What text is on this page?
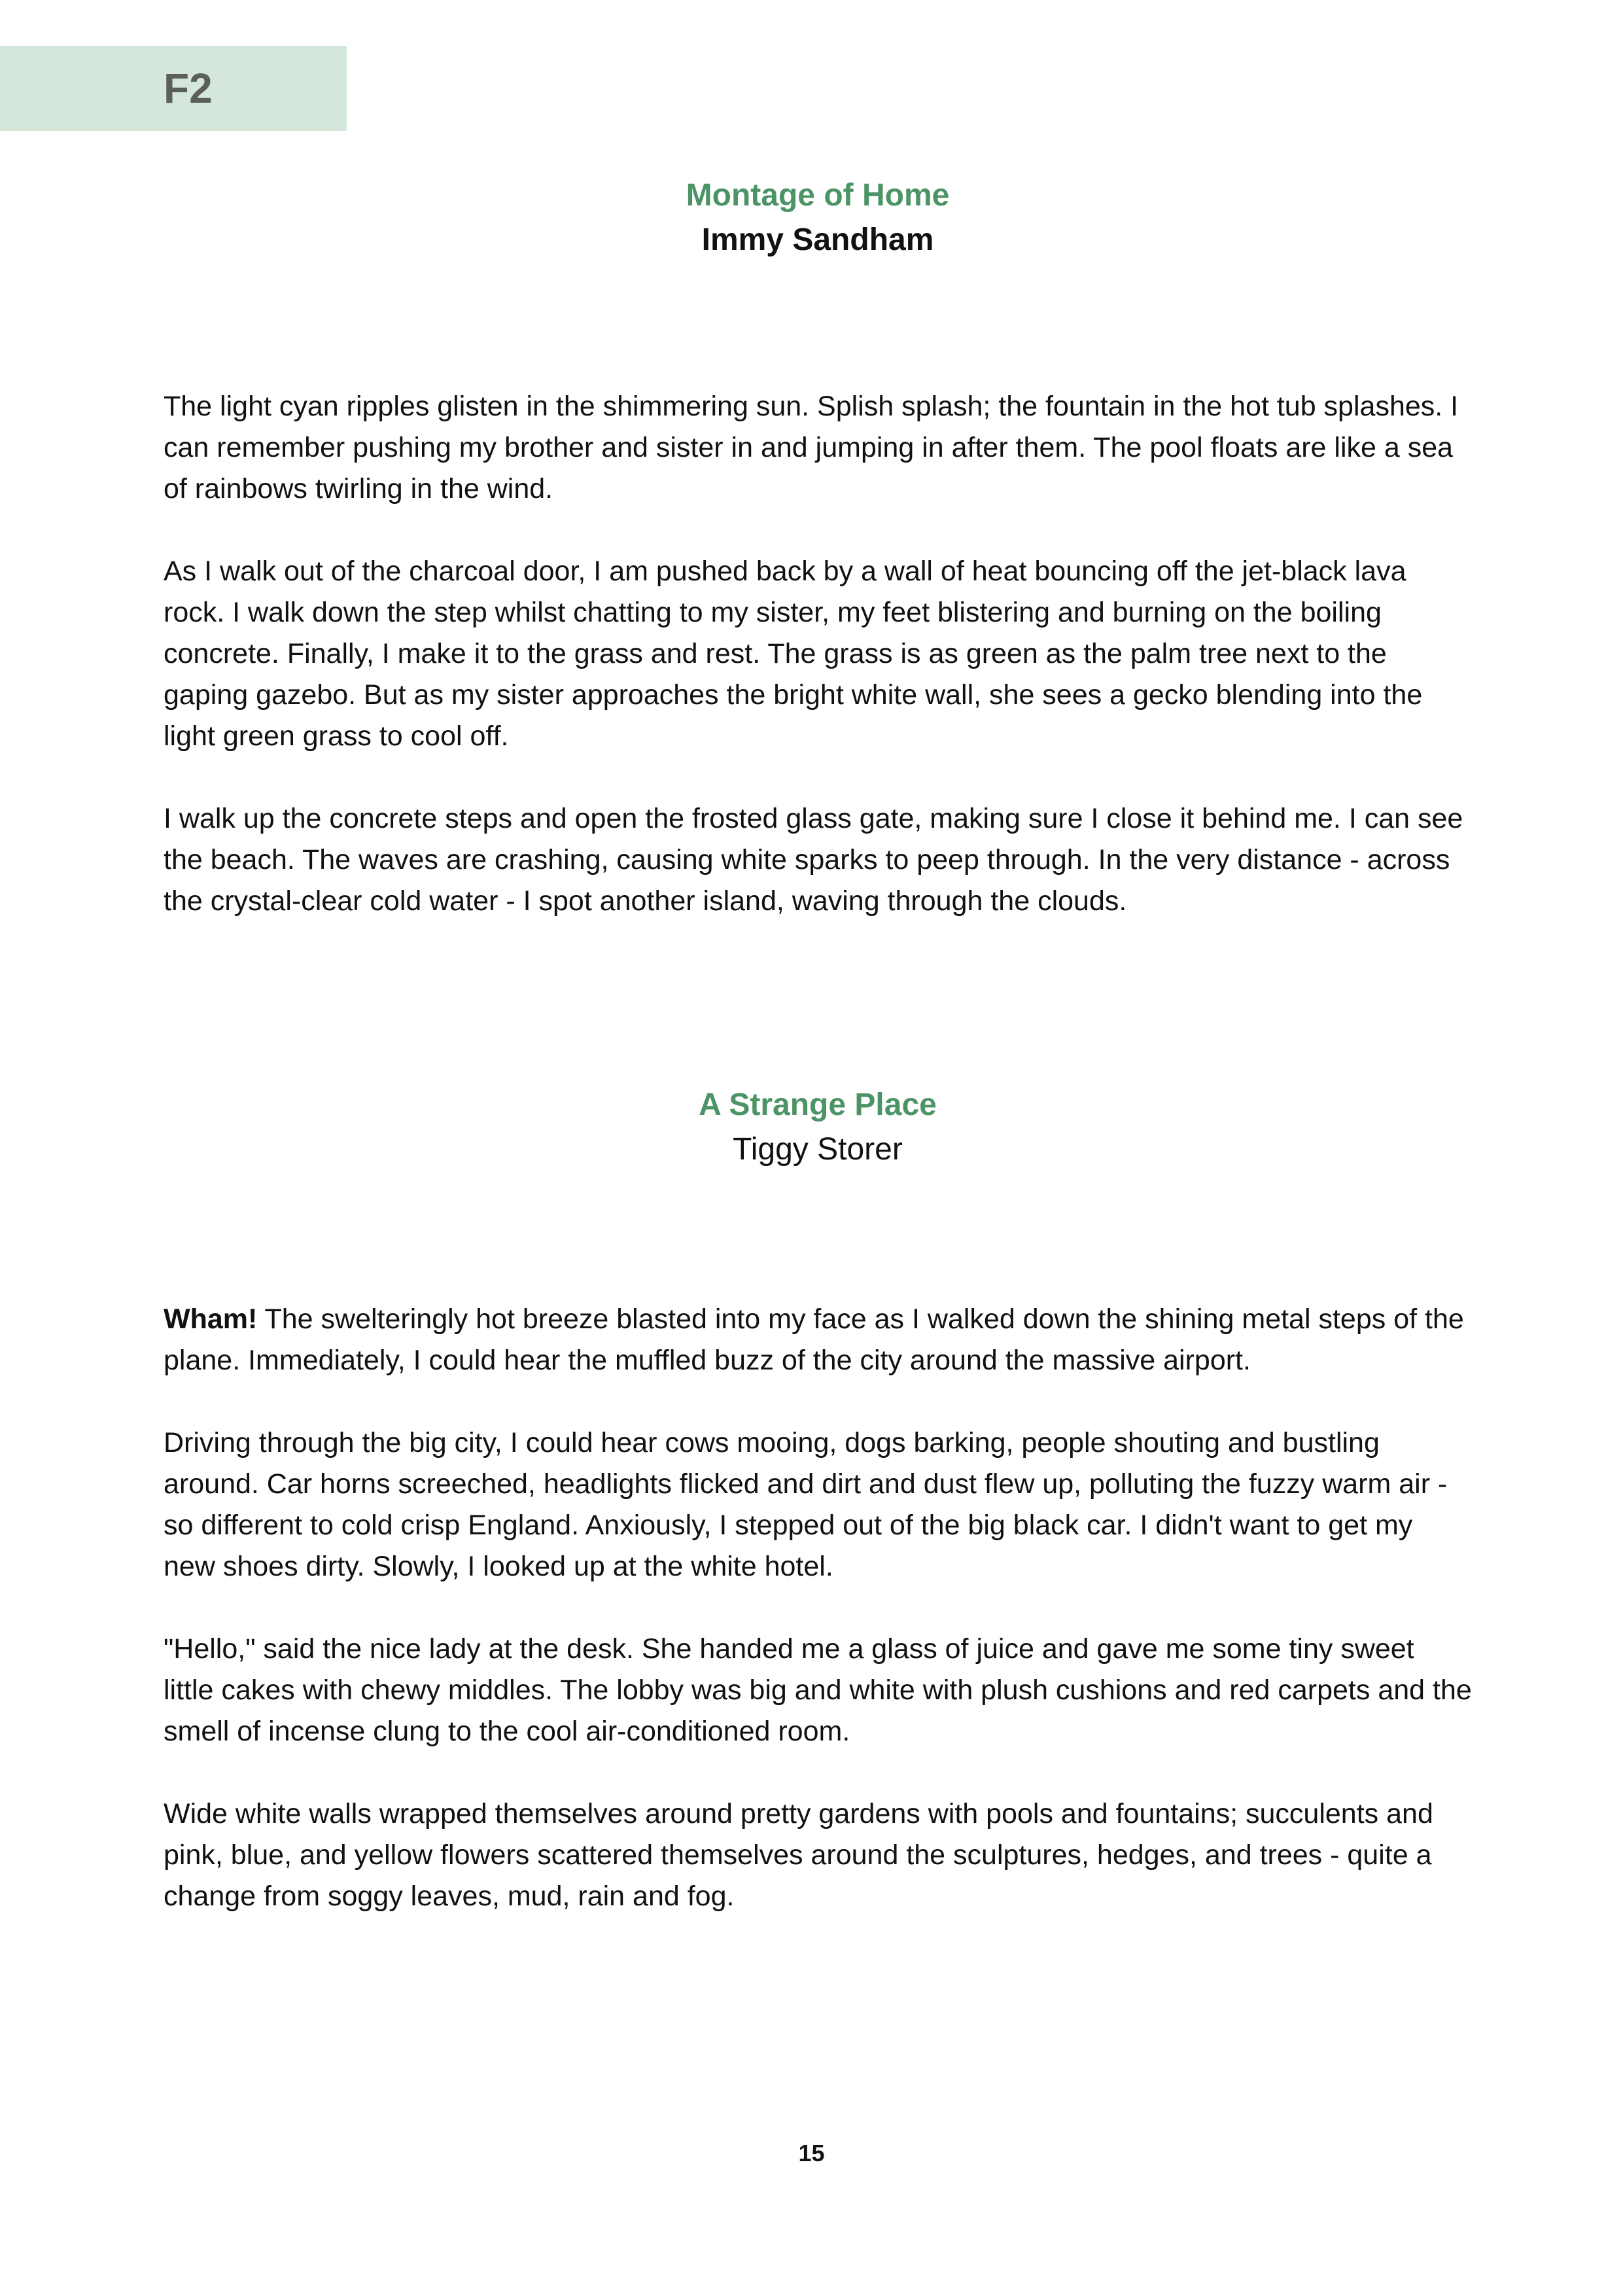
F2
Montage of Home

Immy Sandham

The light cyan ripples glisten in the shimmering sun. Splish splash; the fountain in the hot tub splashes. I can remember pushing my brother and sister in and jumping in after them. The pool floats are like a sea of rainbows twirling in the wind.

As I walk out of the charcoal door, I am pushed back by a wall of heat bouncing off the jet-black lava rock. I walk down the step whilst chatting to my sister, my feet blistering and burning on the boiling concrete. Finally, I make it to the grass and rest. The grass is as green as the palm tree next to the gaping gazebo. But as my sister approaches the bright white wall, she sees a gecko blending into the light green grass to cool off.

I walk up the concrete steps and open the frosted glass gate, making sure I close it behind me. I can see the beach. The waves are crashing, causing white sparks to peep through. In the very distance - across the crystal-clear cold water - I spot another island, waving through the clouds.

A Strange Place

Tiggy Storer

Wham! The swelteringly hot breeze blasted into my face as I walked down the shining metal steps of the plane. Immediately, I could hear the muffled buzz of the city around the massive airport.

Driving through the big city, I could hear cows mooing, dogs barking, people shouting and bustling around. Car horns screeched, headlights flicked and dirt and dust flew up, polluting the fuzzy warm air - so different to cold crisp England. Anxiously, I stepped out of the big black car. I didn't want to get my new shoes dirty. Slowly, I looked up at the white hotel.

"Hello," said the nice lady at the desk. She handed me a glass of juice and gave me some tiny sweet little cakes with chewy middles. The lobby was big and white with plush cushions and red carpets and the smell of incense clung to the cool air-conditioned room.

Wide white walls wrapped themselves around pretty gardens with pools and fountains; succulents and pink, blue, and yellow flowers scattered themselves around the sculptures, hedges, and trees - quite a change from soggy leaves, mud, rain and fog.

15
